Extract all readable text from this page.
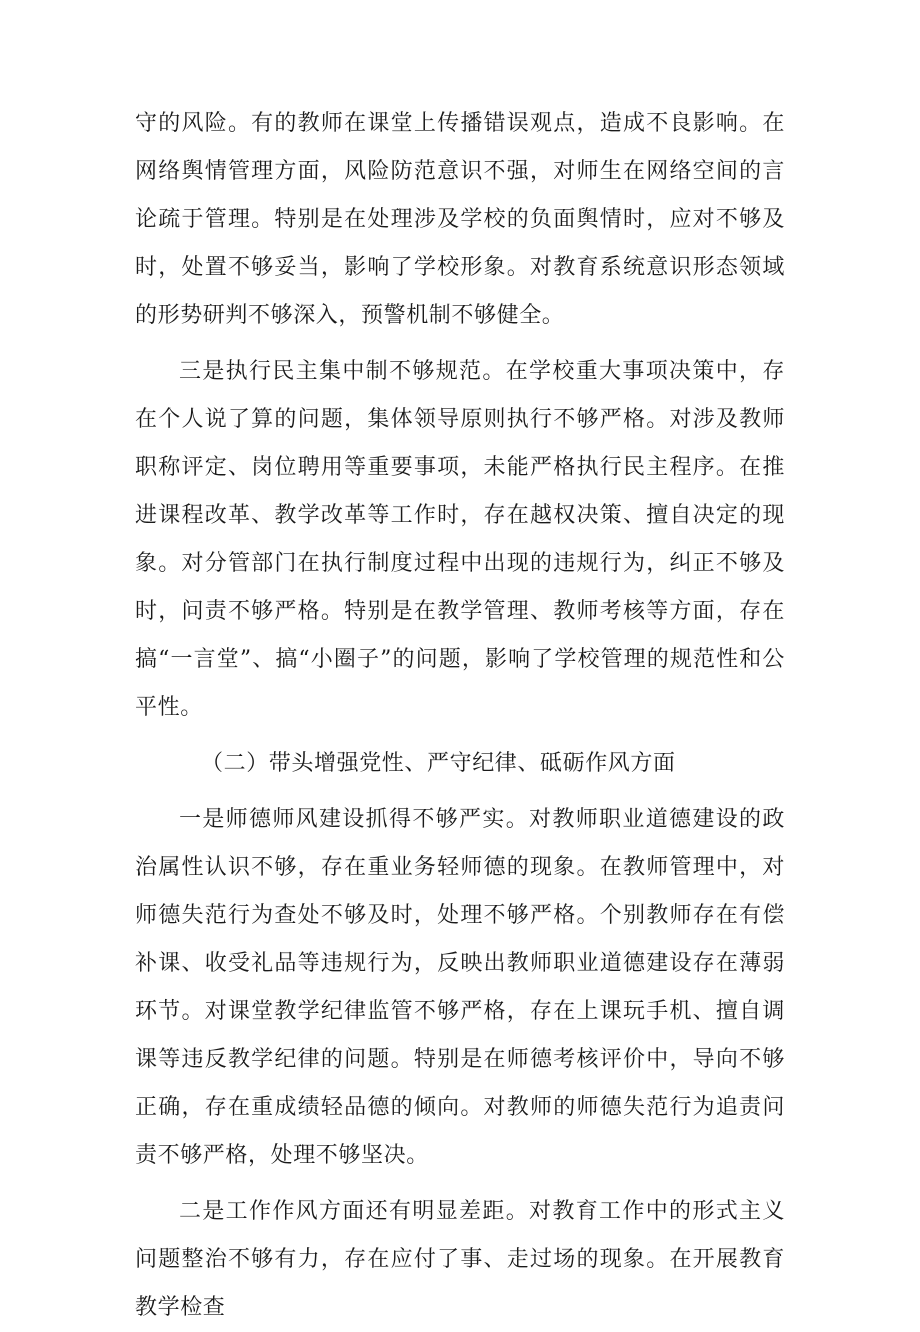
守的风险。有的教师在课堂上传播错误观点，造成不良影响。在网络舆情管理方面，风险防范意识不强，对师生在网络空间的言论疏于管理。特别是在处理涉及学校的负面舆情时，应对不够及时，处置不够妥当，影响了学校形象。对教育系统意识形态领域的形势研判不够深入，预警机制不够健全。

三是执行民主集中制不够规范。在学校重大事项决策中，存在个人说了算的问题，集体领导原则执行不够严格。对涉及教师职称评定、岗位聘用等重要事项，未能严格执行民主程序。在推进课程改革、教学改革等工作时，存在越权决策、擅自决定的现象。对分管部门在执行制度过程中出现的违规行为，纠正不够及时，问责不够严格。特别是在教学管理、教师考核等方面，存在搞“一言堂”、搞“小圈子”的问题，影响了学校管理的规范性和公平性。

（二）带头增强党性、严守纪律、砥砺作风方面

一是师德师风建设抓得不够严实。对教师职业道德建设的政治属性认识不够，存在重业务轻师德的现象。在教师管理中，对师德失范行为查处不够及时，处理不够严格。个别教师存在有偿补课、收受礼品等违规行为，反映出教师职业道德建设存在薄弱环节。对课堂教学纪律监管不够严格，存在上课玩手机、擅自调课等违反教学纪律的问题。特别是在师德考核评价中，导向不够正确，存在重成绩轻品德的倾向。对教师的师德失范行为追责问责不够严格，处理不够坚决。

二是工作作风方面还有明显差距。对教育工作中的形式主义问题整治不够有力，存在应付了事、走过场的现象。在开展教育教学检查
